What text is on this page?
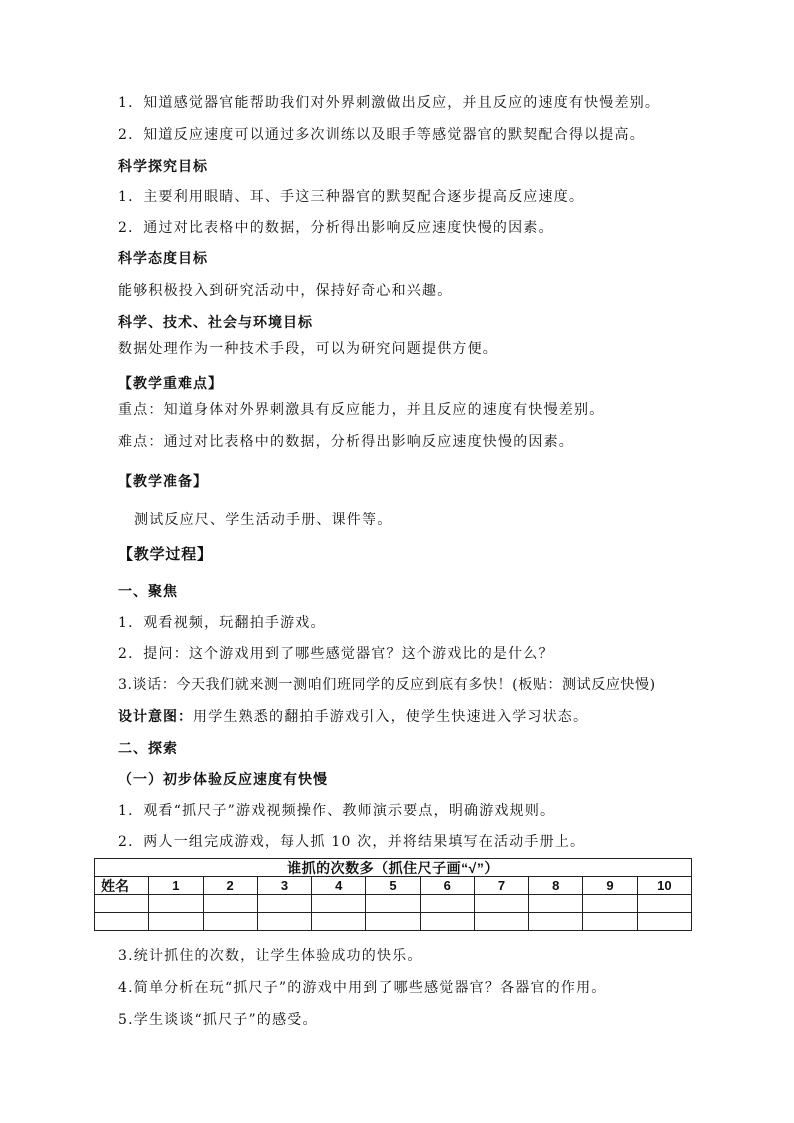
1．知道感觉器官能帮助我们对外界刺激做出反应，并且反应的速度有快慢差别。
2．知道反应速度可以通过多次训练以及眼手等感觉器官的默契配合得以提高。
科学探究目标
1．主要利用眼睛、耳、手这三种器官的默契配合逐步提高反应速度。
2．通过对比表格中的数据，分析得出影响反应速度快慢的因素。
科学态度目标
能够积极投入到研究活动中，保持好奇心和兴趣。
科学、技术、社会与环境目标
数据处理作为一种技术手段，可以为研究问题提供方便。
【教学重难点】
重点：知道身体对外界刺激具有反应能力，并且反应的速度有快慢差别。
难点：通过对比表格中的数据，分析得出影响反应速度快慢的因素。
【教学准备】
测试反应尺、学生活动手册、课件等。
【教学过程】
一、聚焦
1．观看视频，玩翻拍手游戏。
2．提问：这个游戏用到了哪些感觉器官？这个游戏比的是什么？
3.谈话：今天我们就来测一测咱们班同学的反应到底有多快！(板贴：测试反应快慢)
设计意图：用学生熟悉的翻拍手游戏引入，使学生快速进入学习状态。
二、探索
（一）初步体验反应速度有快慢
1．观看“抓尺子”游戏视频操作、教师演示要点，明确游戏规则。
2．两人一组完成游戏，每人抓 10 次，并将结果填写在活动手册上。
谁抓的次数多（抓住尺子画“√”）										
姓名	1	2	3	4	5	6	7	8	9	10

3.统计抓住的次数，让学生体验成功的快乐。
4.简单分析在玩“抓尺子”的游戏中用到了哪些感觉器官？各器官的作用。
5.学生谈谈“抓尺子”的感受。
